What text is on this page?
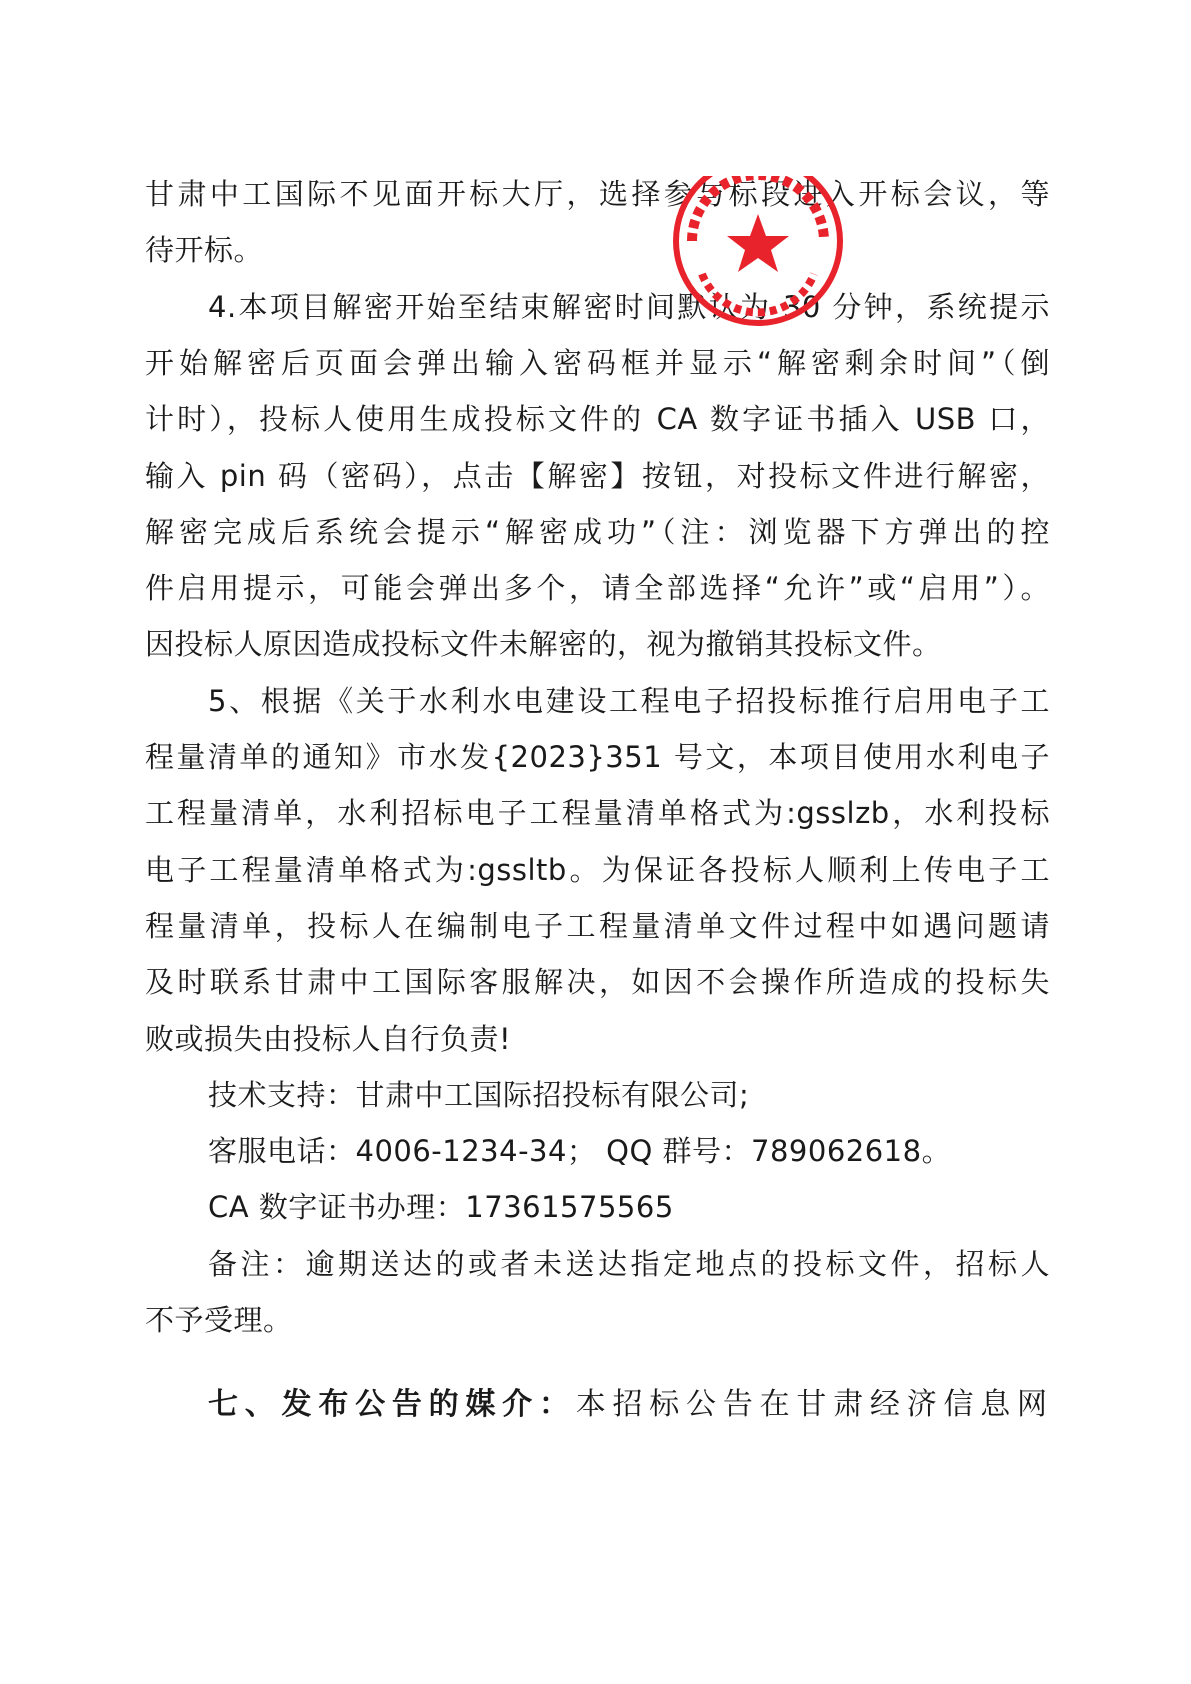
甘肃中工国际不见面开标大厅，选择参与标段进入开标会议，等
待开标。
4.本项目解密开始至结束解密时间默认为 30 分钟，系统提示
开始解密后页面会弹出输入密码框并显示“解密剩余时间”（倒
计时），投标人使用生成投标文件的 CA 数字证书插入 USB 口，
输入 pin 码（密码），点击【解密】按钮，对投标文件进行解密，
解密完成后系统会提示“解密成功”（注：浏览器下方弹出的控
件启用提示，可能会弹出多个，请全部选择“允许”或“启用”）。
因投标人原因造成投标文件未解密的，视为撤销其投标文件。
5、根据《关于水利水电建设工程电子招投标推行启用电子工
程量清单的通知》市水发{2023}351 号文，本项目使用水利电子
工程量清单，水利招标电子工程量清单格式为:gsslzb，水利投标
电子工程量清单格式为:gssltb。为保证各投标人顺利上传电子工
程量清单，投标人在编制电子工程量清单文件过程中如遇问题请
及时联系甘肃中工国际客服解决，如因不会操作所造成的投标失
败或损失由投标人自行负责!
技术支持：甘肃中工国际招投标有限公司;
客服电话：4006-1234-34； QQ 群号：789062618。
CA 数字证书办理：17361575565
备注：逾期送达的或者未送达指定地点的投标文件，招标人
不予受理。
七、发布公告的媒介：本招标公告在甘肃经济信息网
